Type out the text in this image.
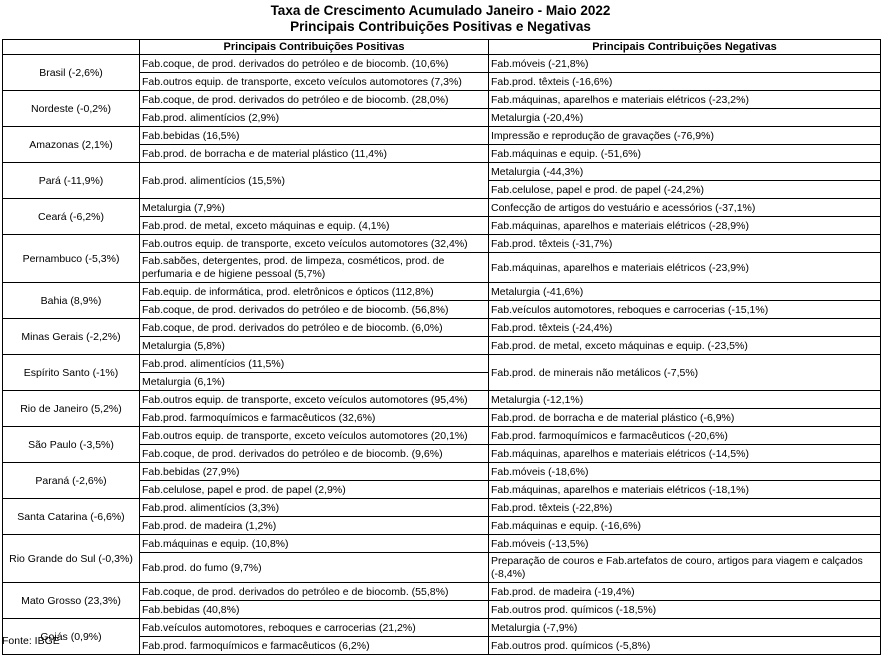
Taxa de Crescimento Acumulado Janeiro - Maio 2022
Principais Contribuições Positivas e Negativas
	Principais Contribuições Positivas	Principais Contribuições Negativas
Brasil (-2,6%)	Fab.coque, de prod. derivados do petróleo e de biocomb. (10,6%)	Fab.móveis (-21,8%)
	Fab.outros equip. de transporte, exceto veículos automotores (7,3%)	Fab.prod. têxteis (-16,6%)
Nordeste (-0,2%)	Fab.coque, de prod. derivados do petróleo e de biocomb. (28,0%)	Fab.máquinas, aparelhos e materiais elétricos (-23,2%)
	Fab.prod. alimentícios (2,9%)	Metalurgia (-20,4%)
Amazonas (2,1%)	Fab.bebidas (16,5%)	Impressão e reprodução de gravações (-76,9%)
	Fab.prod. de borracha e de material plástico (11,4%)	Fab.máquinas e equip. (-51,6%)
Pará (-11,9%)	Fab.prod. alimentícios (15,5%)	Metalurgia (-44,3%)
		Fab.celulose, papel e prod. de papel (-24,2%)
Ceará (-6,2%)	Metalurgia (7,9%)	Confecção de artigos do vestuário e acessórios (-37,1%)
	Fab.prod. de metal, exceto máquinas e equip. (4,1%)	Fab.máquinas, aparelhos e materiais elétricos (-28,9%)
Pernambuco (-5,3%)	Fab.outros equip. de transporte, exceto veículos automotores (32,4%)	Fab.prod. têxteis (-31,7%)
	Fab.sabões, detergentes, prod. de limpeza, cosméticos, prod. de perfumaria e de higiene pessoal (5,7%)	Fab.máquinas, aparelhos e materiais elétricos (-23,9%)
Bahia (8,9%)	Fab.equip. de informática, prod. eletrônicos e ópticos (112,8%)	Metalurgia (-41,6%)
	Fab.coque, de prod. derivados do petróleo e de biocomb. (56,8%)	Fab.veículos automotores, reboques e carrocerias (-15,1%)
Minas Gerais (-2,2%)	Fab.coque, de prod. derivados do petróleo e de biocomb. (6,0%)	Fab.prod. têxteis (-24,4%)
	Metalurgia (5,8%)	Fab.prod. de metal, exceto máquinas e equip. (-23,5%)
Espírito Santo (-1%)	Fab.prod. alimentícios (11,5%)	Fab.prod. de minerais não metálicos (-7,5%)
	Metalurgia (6,1%)	
Rio de Janeiro (5,2%)	Fab.outros equip. de transporte, exceto veículos automotores (95,4%)	Metalurgia (-12,1%)
	Fab.prod. farmoquímicos e farmacêuticos (32,6%)	Fab.prod. de borracha e de material plástico (-6,9%)
São Paulo (-3,5%)	Fab.outros equip. de transporte, exceto veículos automotores (20,1%)	Fab.prod. farmoquímicos e farmacêuticos (-20,6%)
	Fab.coque, de prod. derivados do petróleo e de biocomb. (9,6%)	Fab.máquinas, aparelhos e materiais elétricos (-14,5%)
Paraná (-2,6%)	Fab.bebidas (27,9%)	Fab.móveis (-18,6%)
	Fab.celulose, papel e prod. de papel (2,9%)	Fab.máquinas, aparelhos e materiais elétricos (-18,1%)
Santa Catarina (-6,6%)	Fab.prod. alimentícios (3,3%)	Fab.prod. têxteis (-22,8%)
	Fab.prod. de madeira (1,2%)	Fab.máquinas e equip. (-16,6%)
Rio Grande do Sul (-0,3%)	Fab.máquinas e equip. (10,8%)	Fab.móveis (-13,5%)
	Fab.prod. do fumo (9,7%)	Preparação de couros e Fab.artefatos de couro, artigos para viagem e calçados (-8,4%)
Mato Grosso (23,3%)	Fab.coque, de prod. derivados do petróleo e de biocomb. (55,8%)	Fab.prod. de madeira (-19,4%)
	Fab.bebidas (40,8%)	Fab.outros prod. químicos (-18,5%)
Goiás (0,9%)	Fab.veículos automotores, reboques e carrocerias (21,2%)	Metalurgia (-7,9%)
	Fab.prod. farmoquímicos e farmacêuticos (6,2%)	Fab.outros prod. químicos (-5,8%)
Fonte: IBGE
